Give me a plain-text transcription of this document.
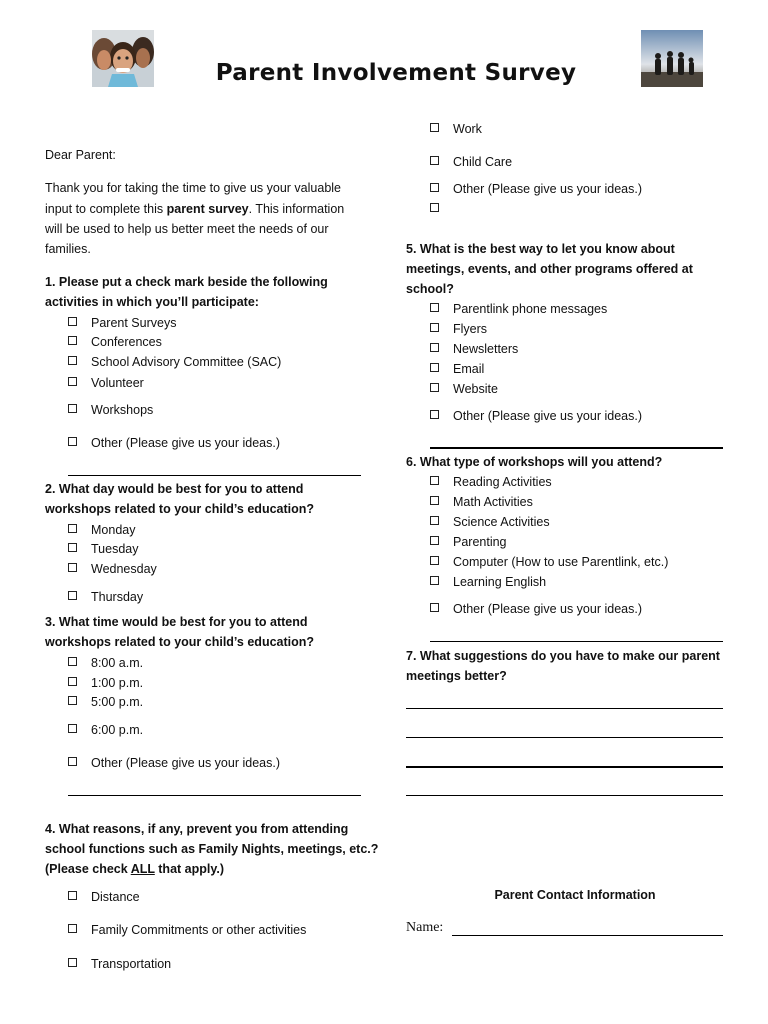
Parent Involvement Survey
Dear Parent:
Thank you for taking the time to give us your valuable
input to complete this parent survey. This information
will be used to help us better meet the needs of our
families.
1. Please put a check mark beside the following
activities in which you’ll participate:
Parent Surveys
Conferences
School Advisory Committee (SAC)
Volunteer
Workshops
Other (Please give us your ideas.)
2. What day would be best for you to attend
workshops related to your child’s education?
Monday
Tuesday
Wednesday
Thursday
3. What time would be best for you to attend
workshops related to your child’s education?
8:00 a.m.
1:00 p.m.
5:00 p.m.
6:00 p.m.
Other (Please give us your ideas.)
4. What reasons, if any, prevent you from attending
school functions such as Family Nights, meetings, etc.?
(Please check ALL that apply.)
Distance
Family Commitments or other activities
Transportation
Work
Child Care
Other (Please give us your ideas.)
5. What is the best way to let you know about
meetings, events, and other programs offered at
school?
Parentlink phone messages
Flyers
Newsletters
Email
Website
Other (Please give us your ideas.)
6. What type of workshops will you attend?
Reading Activities
Math Activities
Science Activities
Parenting
Computer (How to use Parentlink, etc.)
Learning English
Other (Please give us your ideas.)
7. What suggestions do you have to make our parent
meetings better?
Parent Contact Information
Name:
